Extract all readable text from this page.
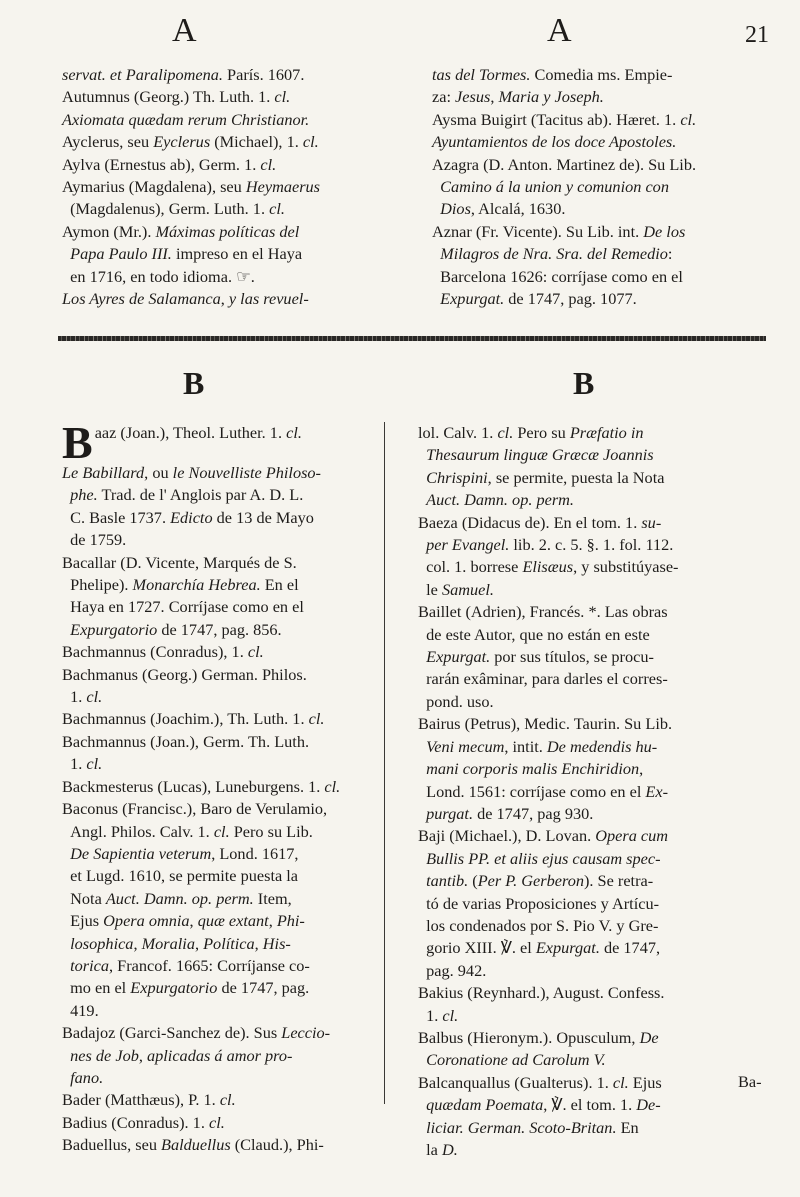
A	A	21
servat. et Paralipomena. París. 1607.
Autumnus (Georg.) Th. Luth. 1. cl.
Axiomata quædam rerum Christianor.
Ayclerus, seu Eyclerus (Michael), 1. cl.
Aylva (Ernestus ab), Germ. 1. cl.
Aymarius (Magdalena), seu Heymaerus
(Magdalenus), Germ. Luth. 1. cl.
Aymon (Mr.). Máximas políticas del
Papa Paulo III. impreso en el Haya
en 1716, en todo idioma. ☞.
Los Ayres de Salamanca, y las revuel-
tas del Tormes. Comedia ms. Empie-
za: Jesus, Maria y Joseph.
Aysma Buigirt (Tacitus ab). Hæret. 1. cl.
Ayuntamientos de los doce Apostoles.
Azagra (D. Anton. Martinez de). Su Lib.
Camino á la union y comunion con
Dios, Alcalá, 1630.
Aznar (Fr. Vicente). Su Lib. int. De los
Milagros de Nra. Sra. del Remedio:
Barcelona 1626: corríjase como en el
Expurgat. de 1747, pag. 1077.
B	B
B aaz (Joan.), Theol. Luther. 1. cl.
Le Babillard, ou le Nouvelliste Philoso-
phe. Trad. de l' Anglois par A. D. L.
C. Basle 1737. Edicto de 13 de Mayo
de 1759.
Bacallar (D. Vicente, Marqués de S.
Phelipe). Monarchía Hebrea. En el
Haya en 1727. Corríjase como en el
Expurgatorio de 1747, pag. 856.
Bachmannus (Conradus), 1. cl.
Bachmanus (Georg.) German. Philos.
1. cl.
Bachmannus (Joachim.), Th. Luth. 1. cl.
Bachmannus (Joan.), Germ. Th. Luth.
1. cl.
Backmesterus (Lucas), Luneburgens. 1. cl.
Baconus (Francisc.), Baro de Verulamio,
Angl. Philos. Calv. 1. cl. Pero su Lib.
De Sapientia veterum, Lond. 1617,
et Lugd. 1610, se permite puesta la
Nota Auct. Damn. op. perm. Item,
Ejus Opera omnia, quæ extant, Phi-
losophica, Moralia, Política, His-
torica, Francof. 1665: Corríjanse co-
mo en el Expurgatorio de 1747, pag.
419.
Badajoz (Garci-Sanchez de). Sus Leccio-
nes de Job, aplicadas á amor pro-
fano.
Bader (Matthæus), P. 1. cl.
Badius (Conradus). 1. cl.
Baduellus, seu Balduellus (Claud.), Phi-
lol. Calv. 1. cl. Pero su Præfatio in
Thesaurum linguæ Græcæ Joannis
Chrispini, se permite, puesta la Nota
Auct. Damn. op. perm.
Baeza (Didacus de). En el tom. 1. su-
per Evangel. lib. 2. c. 5. §. 1. fol. 112.
col. 1. borrese Elisæus, y substitúyase-
le Samuel.
Baillet (Adrien), Francés. *. Las obras
de este Autor, que no están en este
Expurgat. por sus títulos, se procu-
rarán exâminar, para darles el corres-
pond. uso.
Bairus (Petrus), Medic. Taurin. Su Lib.
Veni mecum, intit. De medendis hu-
mani corporis malis Enchiridion,
Lond. 1561: corríjase como en el Ex-
purgat. de 1747, pag 930.
Baji (Michael.), D. Lovan. Opera cum
Bullis PP. et aliis ejus causam spec-
tantib. (Per P. Gerberon). Se retra-
tó de varias Proposiciones y Artícu-
los condenados por S. Pio V. y Gre-
gorio XIII. ℣. el Expurgat. de 1747,
pag. 942.
Bakius (Reynhard.), August. Confess.
1. cl.
Balbus (Hieronym.). Opusculum, De
Coronatione ad Carolum V.
Balcanquallus (Gualterus). 1. cl. Ejus
quædam Poemata, ℣. el tom. 1. De-
liciar. German. Scoto-Britan. En
la D.
Ba-
